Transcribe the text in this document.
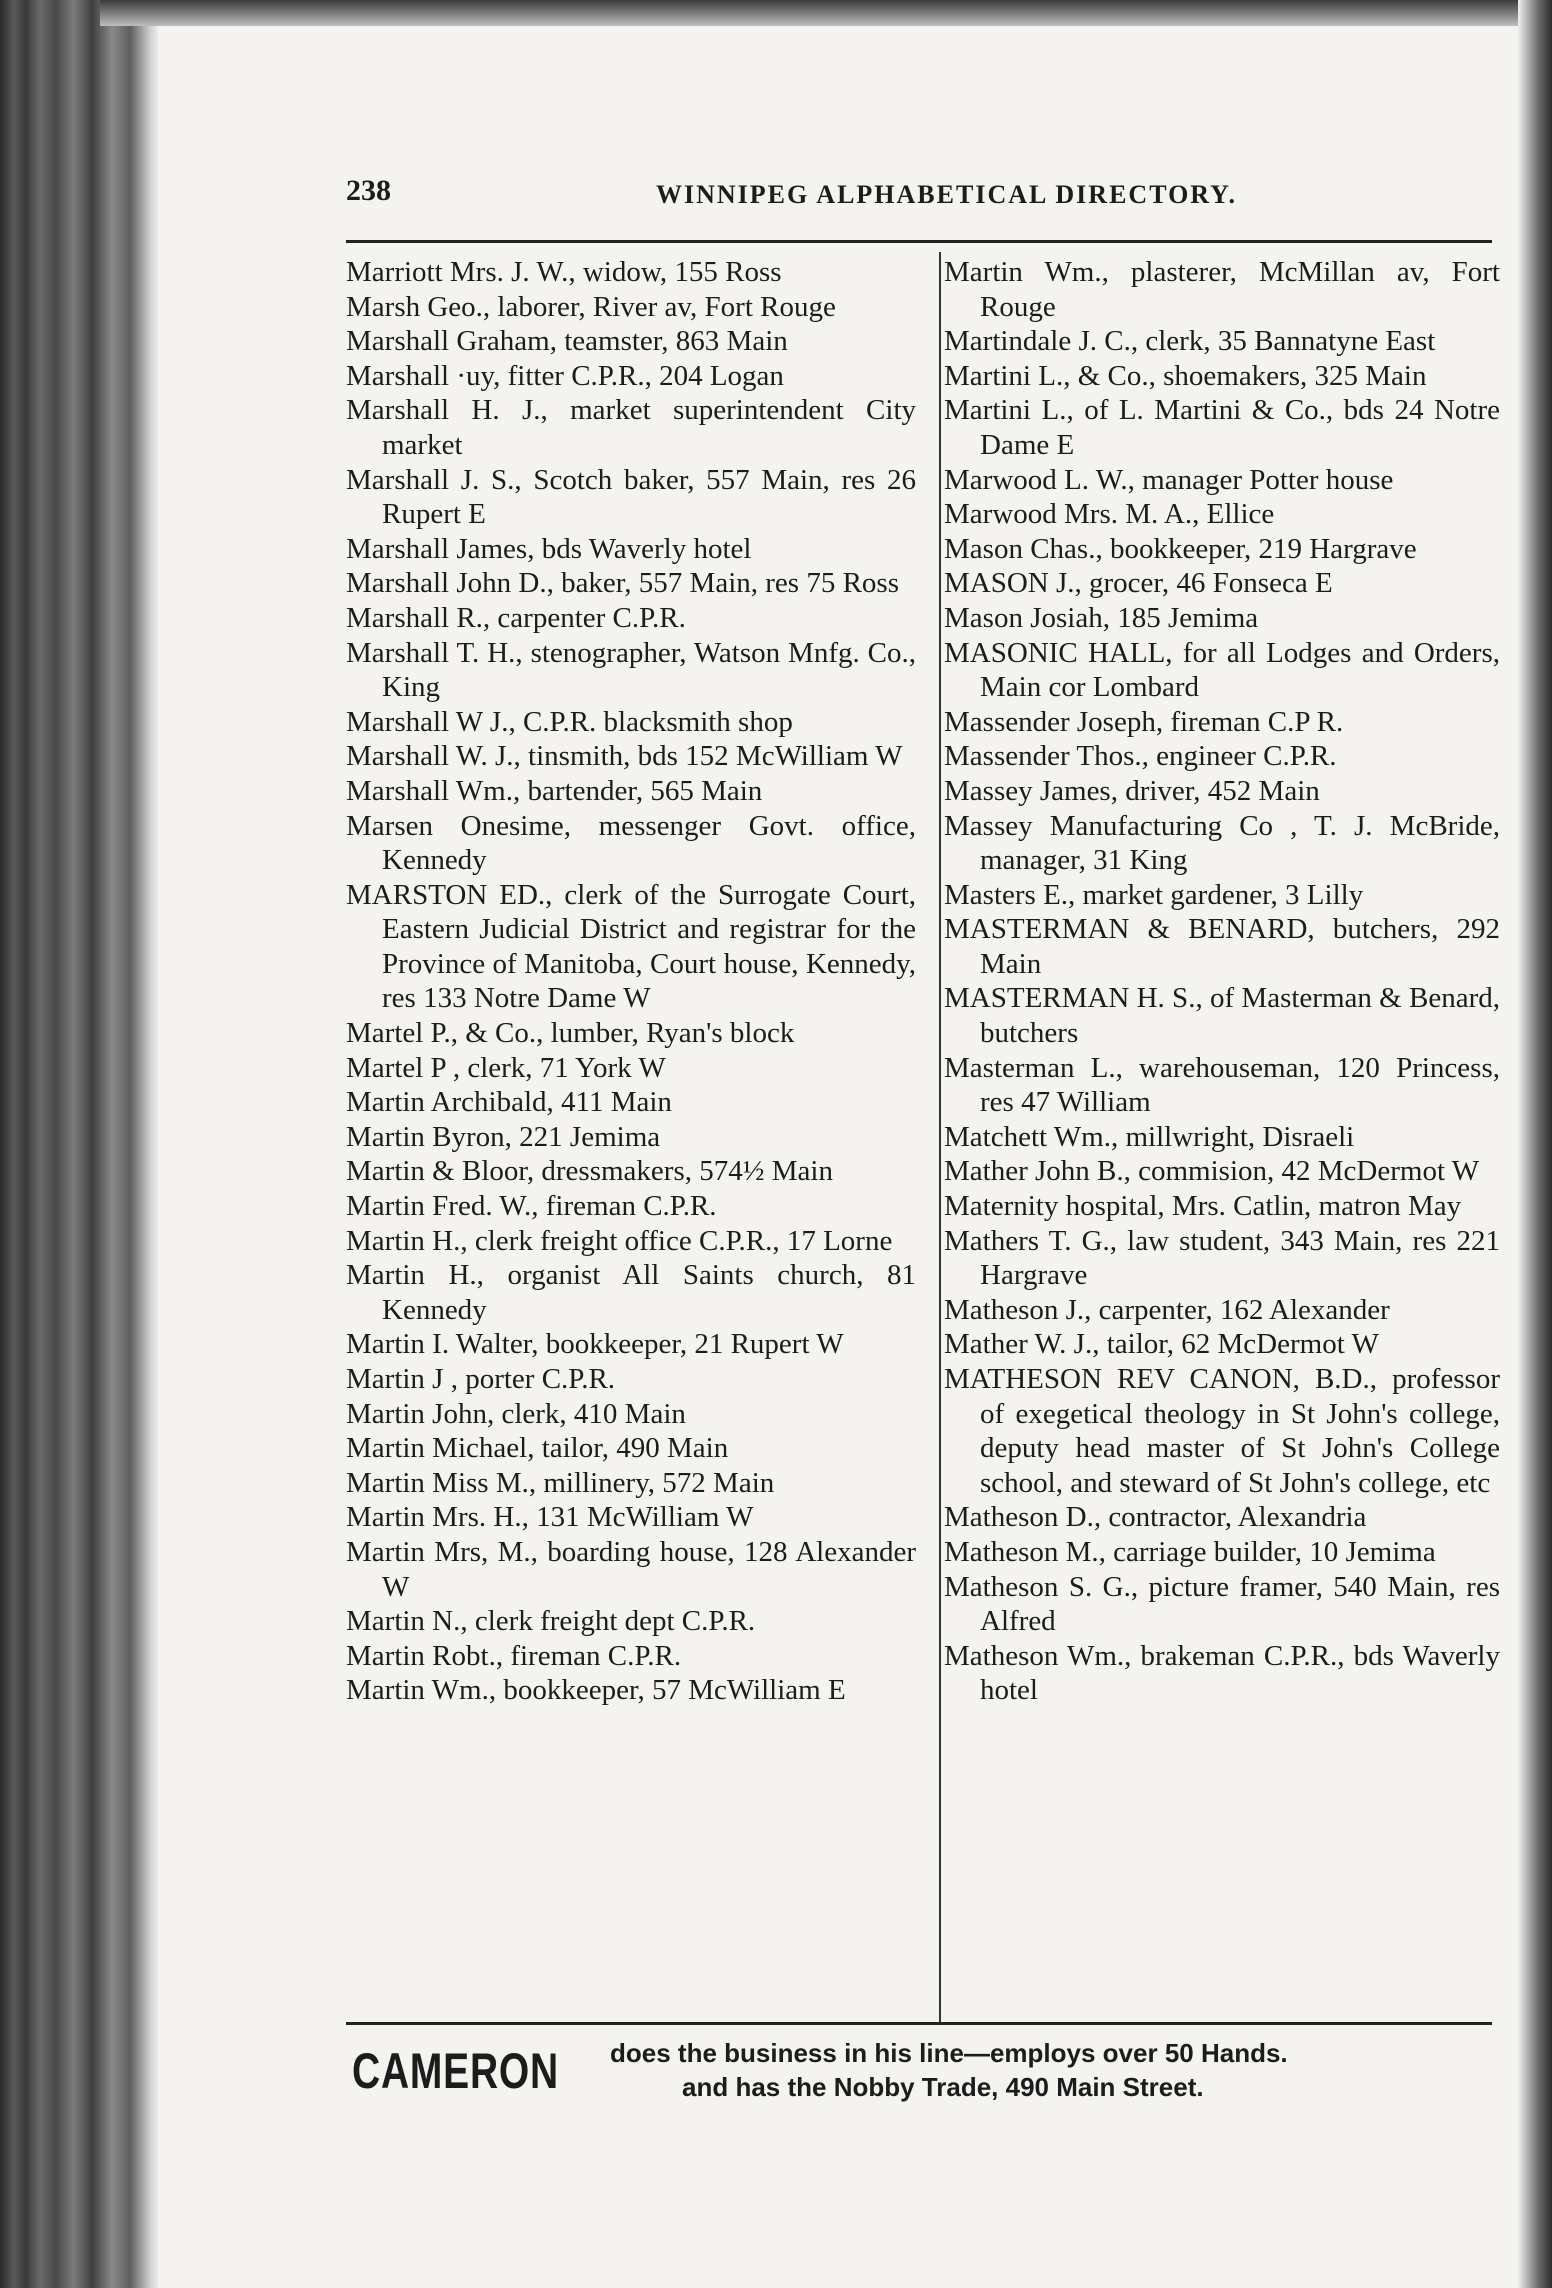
238	WINNIPEG ALPHABETICAL DIRECTORY.
Marriott Mrs. J. W., widow, 155 Ross
Marsh Geo., laborer, River av, Fort Rouge
Marshall Graham, teamster, 863 Main
Marshall ·uy, fitter C.P.R., 204 Logan
Marshall H. J., market superintendent City market
Marshall J. S., Scotch baker, 557 Main, res 26 Rupert E
Marshall James, bds Waverly hotel
Marshall John D., baker, 557 Main, res 75 Ross
Marshall R., carpenter C.P.R.
Marshall T. H., stenographer, Watson Mnfg. Co., King
Marshall W J., C.P.R. blacksmith shop
Marshall W. J., tinsmith, bds 152 McWilliam W
Marshall Wm., bartender, 565 Main
Marsen Onesime, messenger Govt. office, Kennedy
MARSTON ED., clerk of the Surrogate Court, Eastern Judicial District and registrar for the Province of Manitoba, Court house, Kennedy, res 133 Notre Dame W
Martel P., & Co., lumber, Ryan's block
Martel P , clerk, 71 York W
Martin Archibald, 411 Main
Martin Byron, 221 Jemima
Martin & Bloor, dressmakers, 574½ Main
Martin Fred. W., fireman C.P.R.
Martin H., clerk freight office C.P.R., 17 Lorne
Martin H., organist All Saints church, 81 Kennedy
Martin I. Walter, bookkeeper, 21 Rupert W
Martin J , porter C.P.R.
Martin John, clerk, 410 Main
Martin Michael, tailor, 490 Main
Martin Miss M., millinery, 572 Main
Martin Mrs. H., 131 McWilliam W
Martin Mrs, M., boarding house, 128 Alexander W
Martin N., clerk freight dept C.P.R.
Martin Robt., fireman C.P.R.
Martin Wm., bookkeeper, 57 McWilliam E
Martin Wm., plasterer, McMillan av, Fort Rouge
Martindale J. C., clerk, 35 Bannatyne East
Martini L., & Co., shoemakers, 325 Main
Martini L., of L. Martini & Co., bds 24 Notre Dame E
Marwood L. W., manager Potter house
Marwood Mrs. M. A., Ellice
Mason Chas., bookkeeper, 219 Hargrave
MASON J., grocer, 46 Fonseca E
Mason Josiah, 185 Jemima
MASONIC HALL, for all Lodges and Orders, Main cor Lombard
Massender Joseph, fireman C.P R.
Massender Thos., engineer C.P.R.
Massey James, driver, 452 Main
Massey Manufacturing Co , T. J. McBride, manager, 31 King
Masters E., market gardener, 3 Lilly
MASTERMAN & BENARD, butchers, 292 Main
MASTERMAN H. S., of Masterman & Benard, butchers
Masterman L., warehouseman, 120 Princess, res 47 William
Matchett Wm., millwright, Disraeli
Mather John B., commision, 42 McDermot W
Maternity hospital, Mrs. Catlin, matron May
Mathers T. G., law student, 343 Main, res 221 Hargrave
Matheson J., carpenter, 162 Alexander
Mather W. J., tailor, 62 McDermot W
MATHESON REV CANON, B.D., professor of exegetical theology in St John's college, deputy head master of St John's College school, and steward of St John's college, etc
Matheson D., contractor, Alexandria
Matheson M., carriage builder, 10 Jemima
Matheson S. G., picture framer, 540 Main, res Alfred
Matheson Wm., brakeman C.P.R., bds Waverly hotel
CAMERON does the business in his line—employs over 50 Hands.
and has the Nobby Trade, 490 Main Street.
